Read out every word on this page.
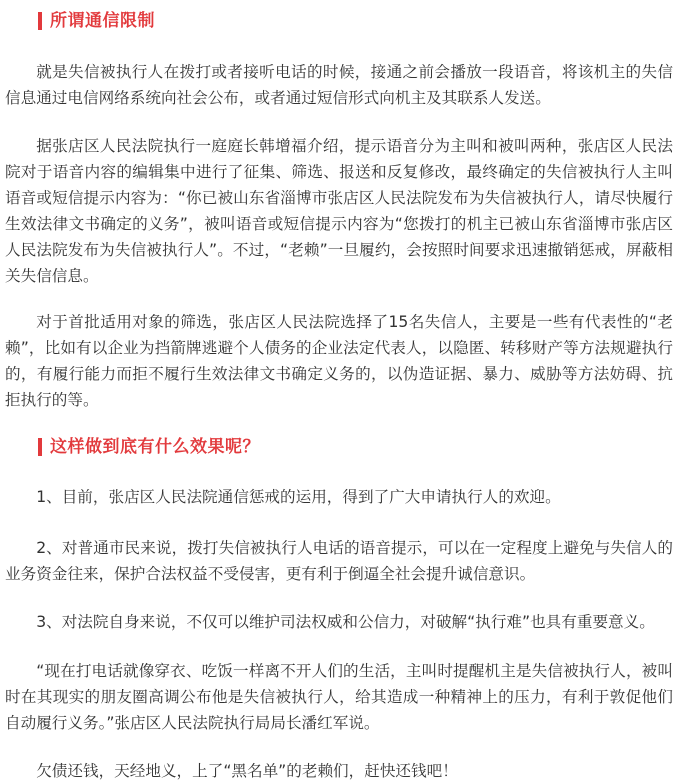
所谓通信限制

就是失信被执行人在拨打或者接听电话的时候，接通之前会播放一段语音，将该机主的失信信息通过电信网络系统向社会公布，或者通过短信形式向机主及其联系人发送。

据张店区人民法院执行一庭庭长韩增福介绍，提示语音分为主叫和被叫两种，张店区人民法院对于语音内容的编辑集中进行了征集、筛选、报送和反复修改，最终确定的失信被执行人主叫语音或短信提示内容为：“你已被山东省淄博市张店区人民法院发布为失信被执行人，请尽快履行生效法律文书确定的义务”，被叫语音或短信提示内容为“您拨打的机主已被山东省淄博市张店区人民法院发布为失信被执行人”。不过，“老赖”一旦履约，会按照时间要求迅速撤销惩戒，屏蔽相关失信信息。

对于首批适用对象的筛选，张店区人民法院选择了15名失信人，主要是一些有代表性的“老赖”，比如有以企业为挡箭牌逃避个人债务的企业法定代表人，以隐匿、转移财产等方法规避执行的，有履行能力而拒不履行生效法律文书确定义务的，以伪造证据、暴力、威胁等方法妨碍、抗拒执行的等。

这样做到底有什么效果呢？

1、目前，张店区人民法院通信惩戒的运用，得到了广大申请执行人的欢迎。

2、对普通市民来说，拨打失信被执行人电话的语音提示，可以在一定程度上避免与失信人的业务资金往来，保护合法权益不受侵害，更有利于倒逼全社会提升诚信意识。

3、对法院自身来说，不仅可以维护司法权威和公信力，对破解“执行难”也具有重要意义。

“现在打电话就像穿衣、吃饭一样离不开人们的生活，主叫时提醒机主是失信被执行人，被叫时在其现实的朋友圈高调公布他是失信被执行人，给其造成一种精神上的压力，有利于敦促他们自动履行义务。”张店区人民法院执行局局长潘红军说。

欠债还钱，天经地义，上了“黑名单”的老赖们，赶快还钱吧！
